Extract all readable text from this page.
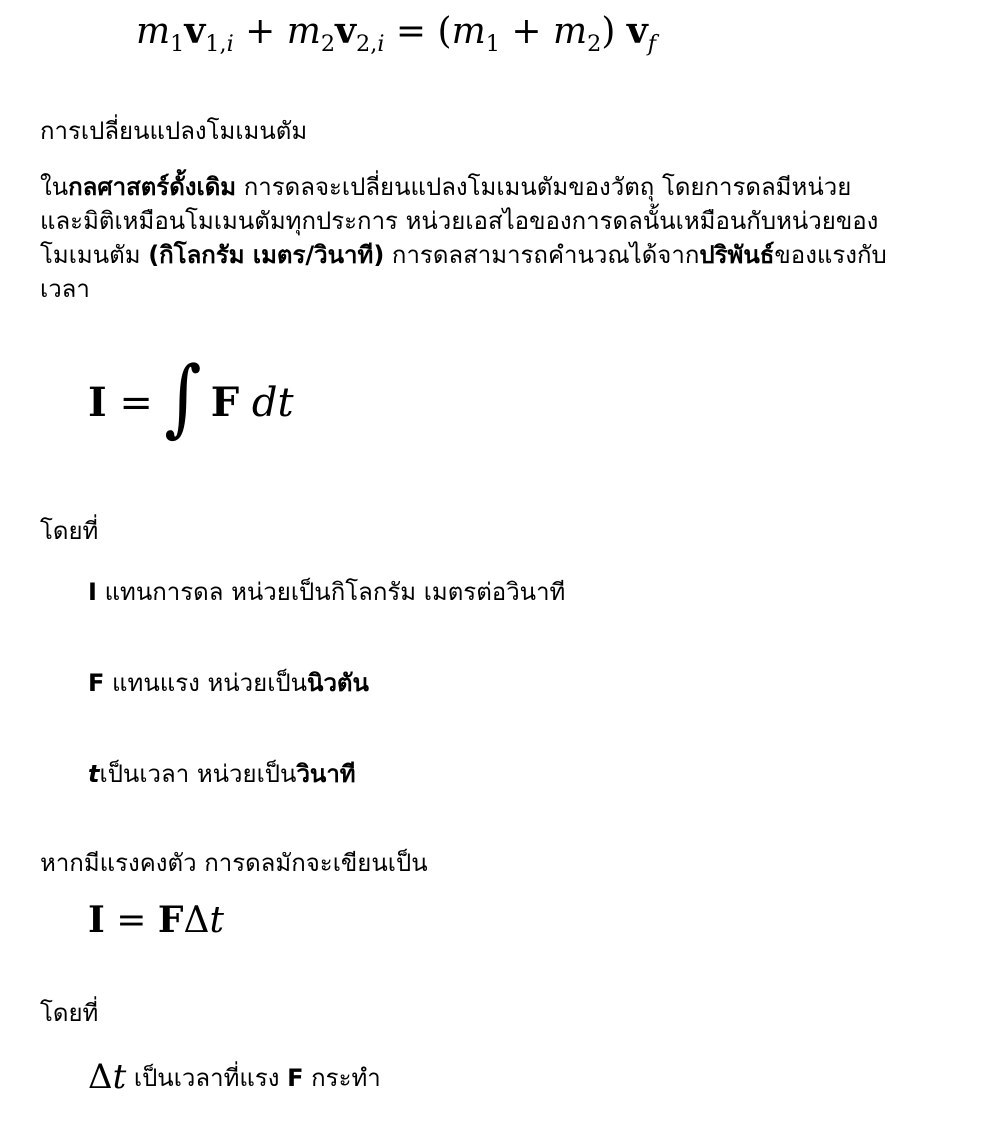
$m_1v_{1,i} + m_2v_{2,i} = (m_1 + m_2)$ $v_f$
การเปลี่ยนแปลงโมเมนตัม
ในกลศาสตร์ดั้งเดิม การดลจะเปลี่ยนแปลงโมเมนตัมของวัตถุ โดยการดลมีหน่วย
และมิติเหมือนโมเมนตัมทุกประการ หน่วยเอสไอของการดลนั้นเหมือนกับหน่วยของ
โมเมนตัม (กิโลกรัม เมตร/วินาที) การดลสามารถคำนวณได้จากปริพันธ์ของแรงกับ
เวลา
I = ∫ F dt
โดยที่
I แทนการดล หน่วยเป็นกิโลกรัม เมตรต่อวินาที
F แทนแรง หน่วยเป็นนิวตัน
tเป็นเวลา หน่วยเป็นวินาที
หากมีแรงคงตัว การดลมักจะเขียนเป็น
I = FΔt
โดยที่
Δt เป็นเวลาที่แรง F กระทำ
